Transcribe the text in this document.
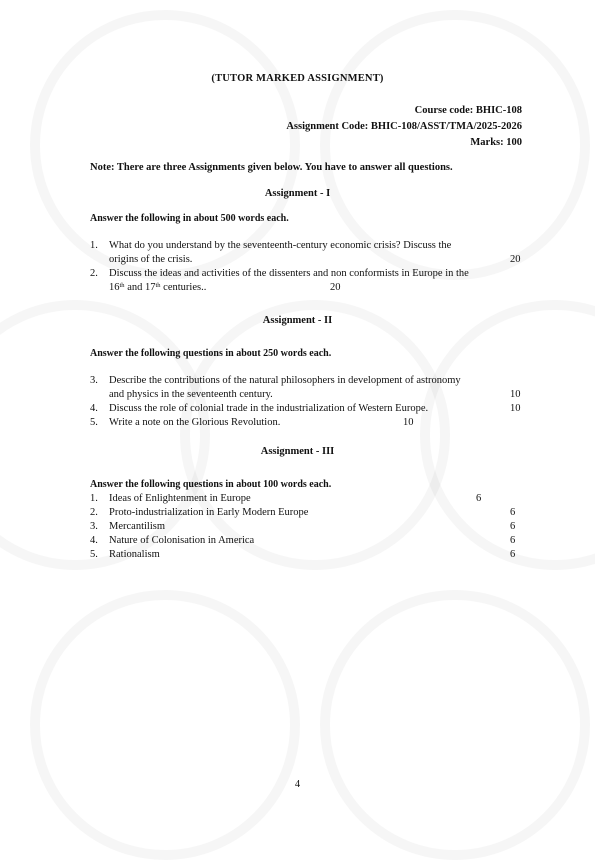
(TUTOR MARKED ASSIGNMENT)
Course code: BHIC-108
Assignment Code: BHIC-108/ASST/TMA/2025-2026
Marks: 100
Note: There are three Assignments given below. You have to answer all questions.
Assignment - I
Answer the following in about 500 words each.
1. What do you understand by the seventeenth-century economic crisis? Discuss the
origins of the crisis.	20
2. Discuss the ideas and activities of the dissenters and non conformists in Europe in the
16th and 17th centuries..	20
Assignment - II
Answer the following questions in about 250 words each.
3. Describe the contributions of the natural philosophers in development of astronomy
and physics in the seventeenth century.	10
4. Discuss the role of colonial trade in the industrialization of Western Europe.	10
5. Write a note on the Glorious Revolution.	10
Assignment - III
Answer the following questions in about 100 words each.
1. Ideas of Enlightenment in Europe	6
2. Proto-industrialization in Early Modern Europe	6
3. Mercantilism	6
4. Nature of Colonisation in America	6
5. Rationalism	6
4
